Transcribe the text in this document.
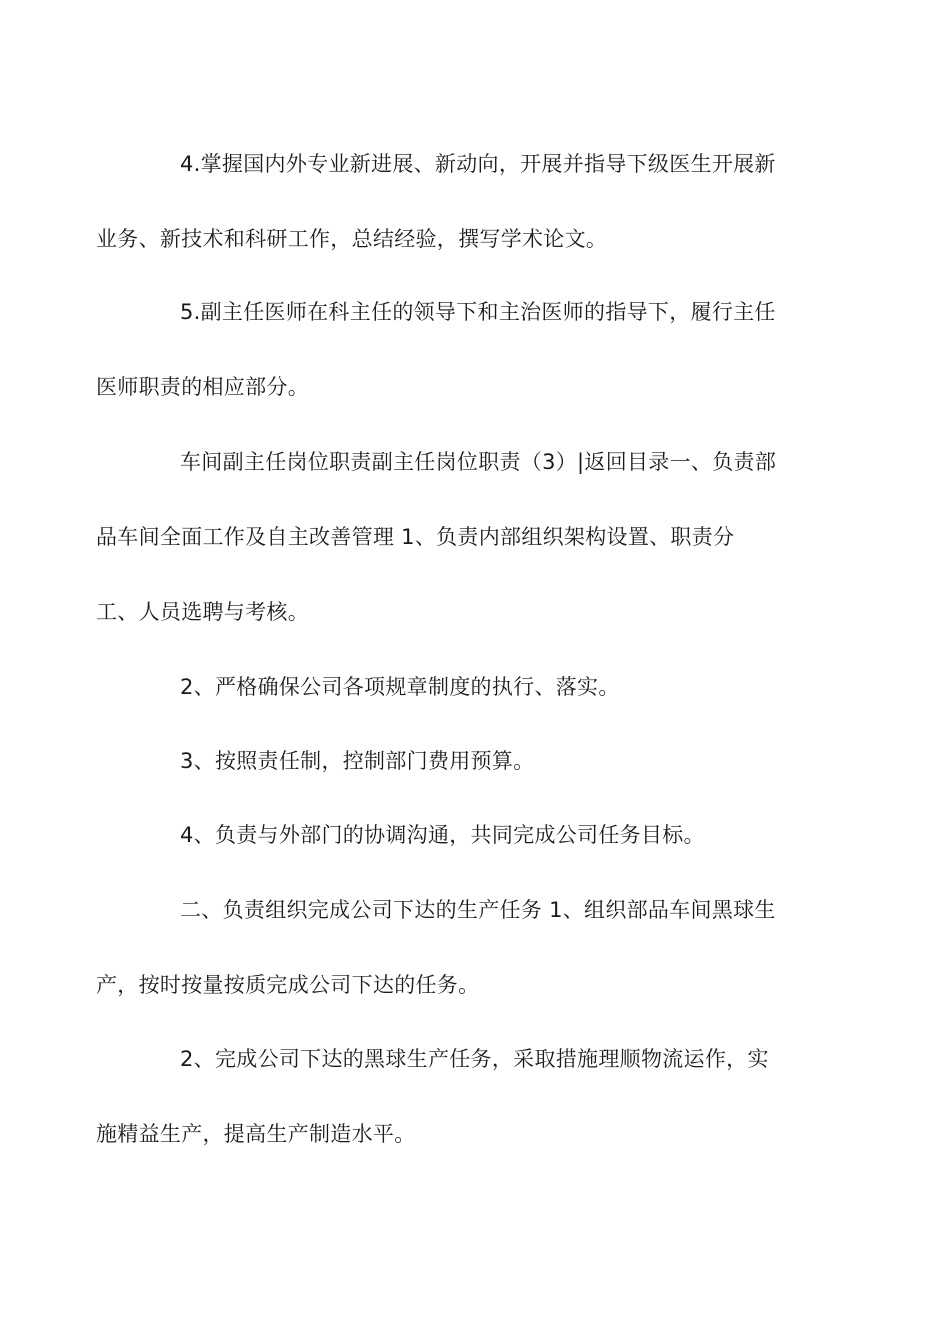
4.掌握国内外专业新进展、新动向，开展并指导下级医生开展新
业务、新技术和科研工作，总结经验，撰写学术论文。

5.副主任医师在科主任的领导下和主治医师的指导下，履行主任
医师职责的相应部分。

车间副主任岗位职责副主任岗位职责（3）|返回目录一、负责部
品车间全面工作及自主改善管理 1、负责内部组织架构设置、职责分
工、人员选聘与考核。

2、严格确保公司各项规章制度的执行、落实。

3、按照责任制，控制部门费用预算。

4、负责与外部门的协调沟通，共同完成公司任务目标。

二、负责组织完成公司下达的生产任务 1、组织部品车间黑球生
产，按时按量按质完成公司下达的任务。

2、完成公司下达的黑球生产任务，采取措施理顺物流运作，实
施精益生产，提高生产制造水平。
